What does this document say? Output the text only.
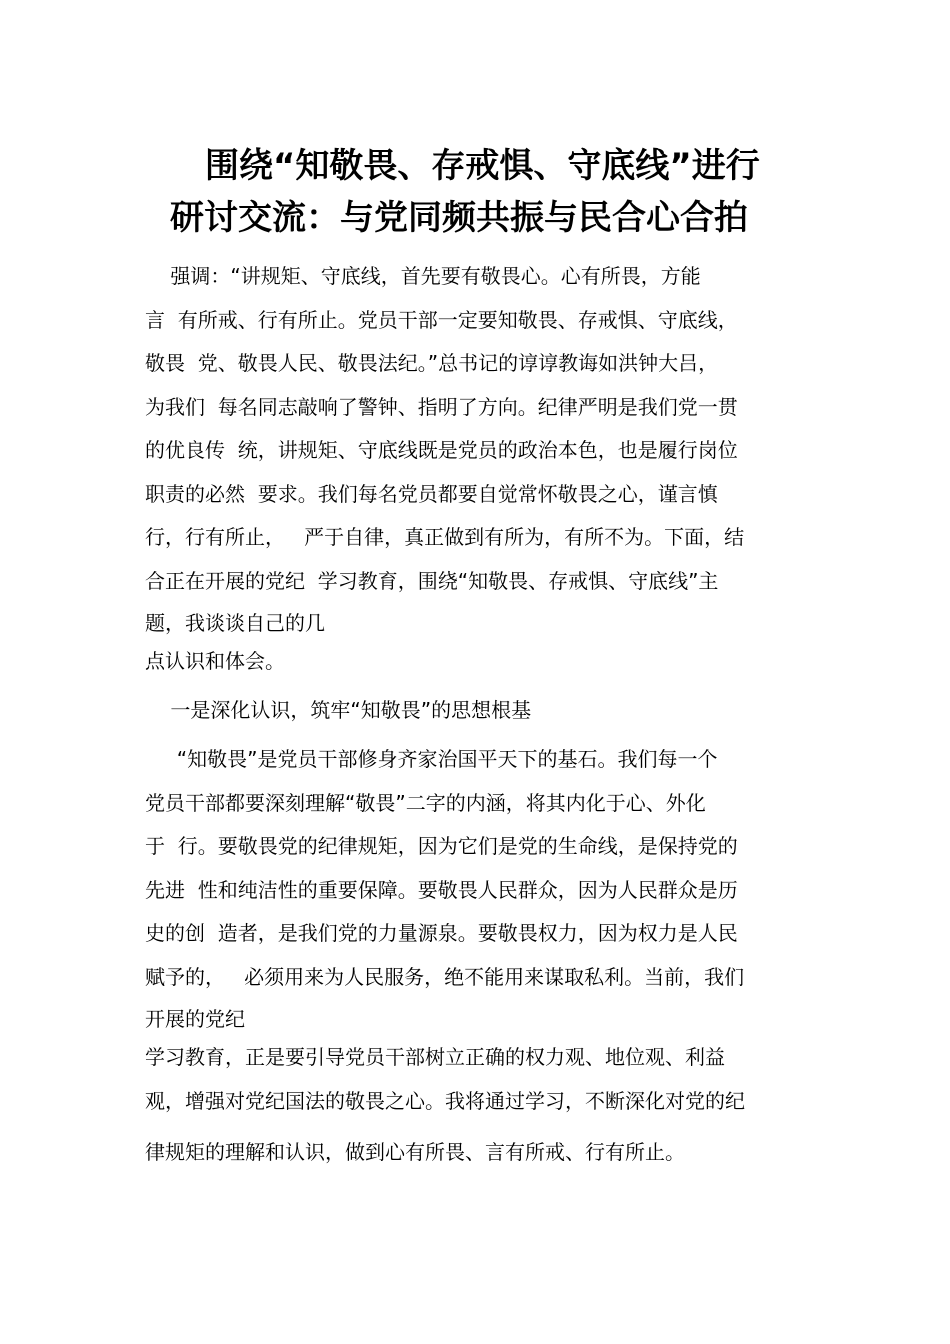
围绕“知敬畏、存戒惧、守底线”进行
研讨交流：与党同频共振与民合心合拍
强调：“讲规矩、守底线，首先要有敬畏心。心有所畏，方能
言  有所戒、行有所止。党员干部一定要知敬畏、存戒惧、守底线，
敬畏  党、敬畏人民、敬畏法纪。”总书记的谆谆教诲如洪钟大吕，
为我们  每名同志敲响了警钟、指明了方向。纪律严明是我们党一贯
的优良传  统，讲规矩、守底线既是党员的政治本色，也是履行岗位
职责的必然  要求。我们每名党员都要自觉常怀敬畏之心，谨言慎
行，行有所止，   严于自律，真正做到有所为，有所不为。下面，结
合正在开展的党纪  学习教育，围绕“知敬畏、存戒惧、守底线”主
题，我谈谈自己的几
点认识和体会。
一是深化认识，筑牢“知敬畏”的思想根基
“知敬畏”是党员干部修身齐家治国平天下的基石。我们每一个
党员干部都要深刻理解“敬畏”二字的内涵，将其内化于心、外化
于  行。要敬畏党的纪律规矩，因为它们是党的生命线，是保持党的
先进  性和纯洁性的重要保障。要敬畏人民群众，因为人民群众是历
史的创  造者，是我们党的力量源泉。要敬畏权力，因为权力是人民
赋予的，   必须用来为人民服务，绝不能用来谋取私利。当前，我们
开展的党纪
学习教育，正是要引导党员干部树立正确的权力观、地位观、利益
观，增强对党纪国法的敬畏之心。我将通过学习，不断深化对党的纪
律规矩的理解和认识，做到心有所畏、言有所戒、行有所止。
